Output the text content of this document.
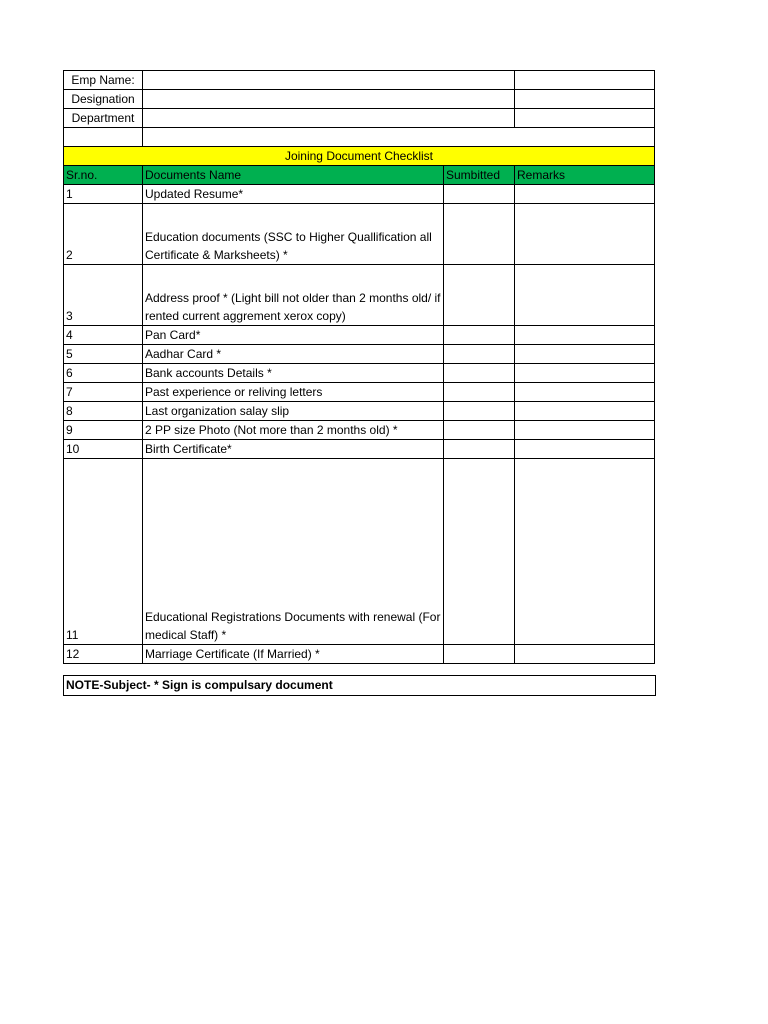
Emp Name:			
Designation			
Department			

Joining Document Checklist			
Sr.no.	Documents Name	Sumbitted	Remarks
1	Updated Resume*		
2	Education documents (SSC to Higher Quallification all Certificate & Marksheets) *		
3	Address proof * (Light bill not older than 2 months old/ if rented current aggrement xerox copy)		
4	Pan Card*		
5	Aadhar Card *		
6	Bank accounts Details *		
7	Past experience or reliving letters		
8	Last organization salay slip		
9	2 PP size Photo (Not more than 2 months old) *		
10	Birth Certificate*		
11	Educational Registrations Documents with renewal (For medical Staff) *		
12	Marriage Certificate (If Married) *		
NOTE-Subject- * Sign is compulsary document
